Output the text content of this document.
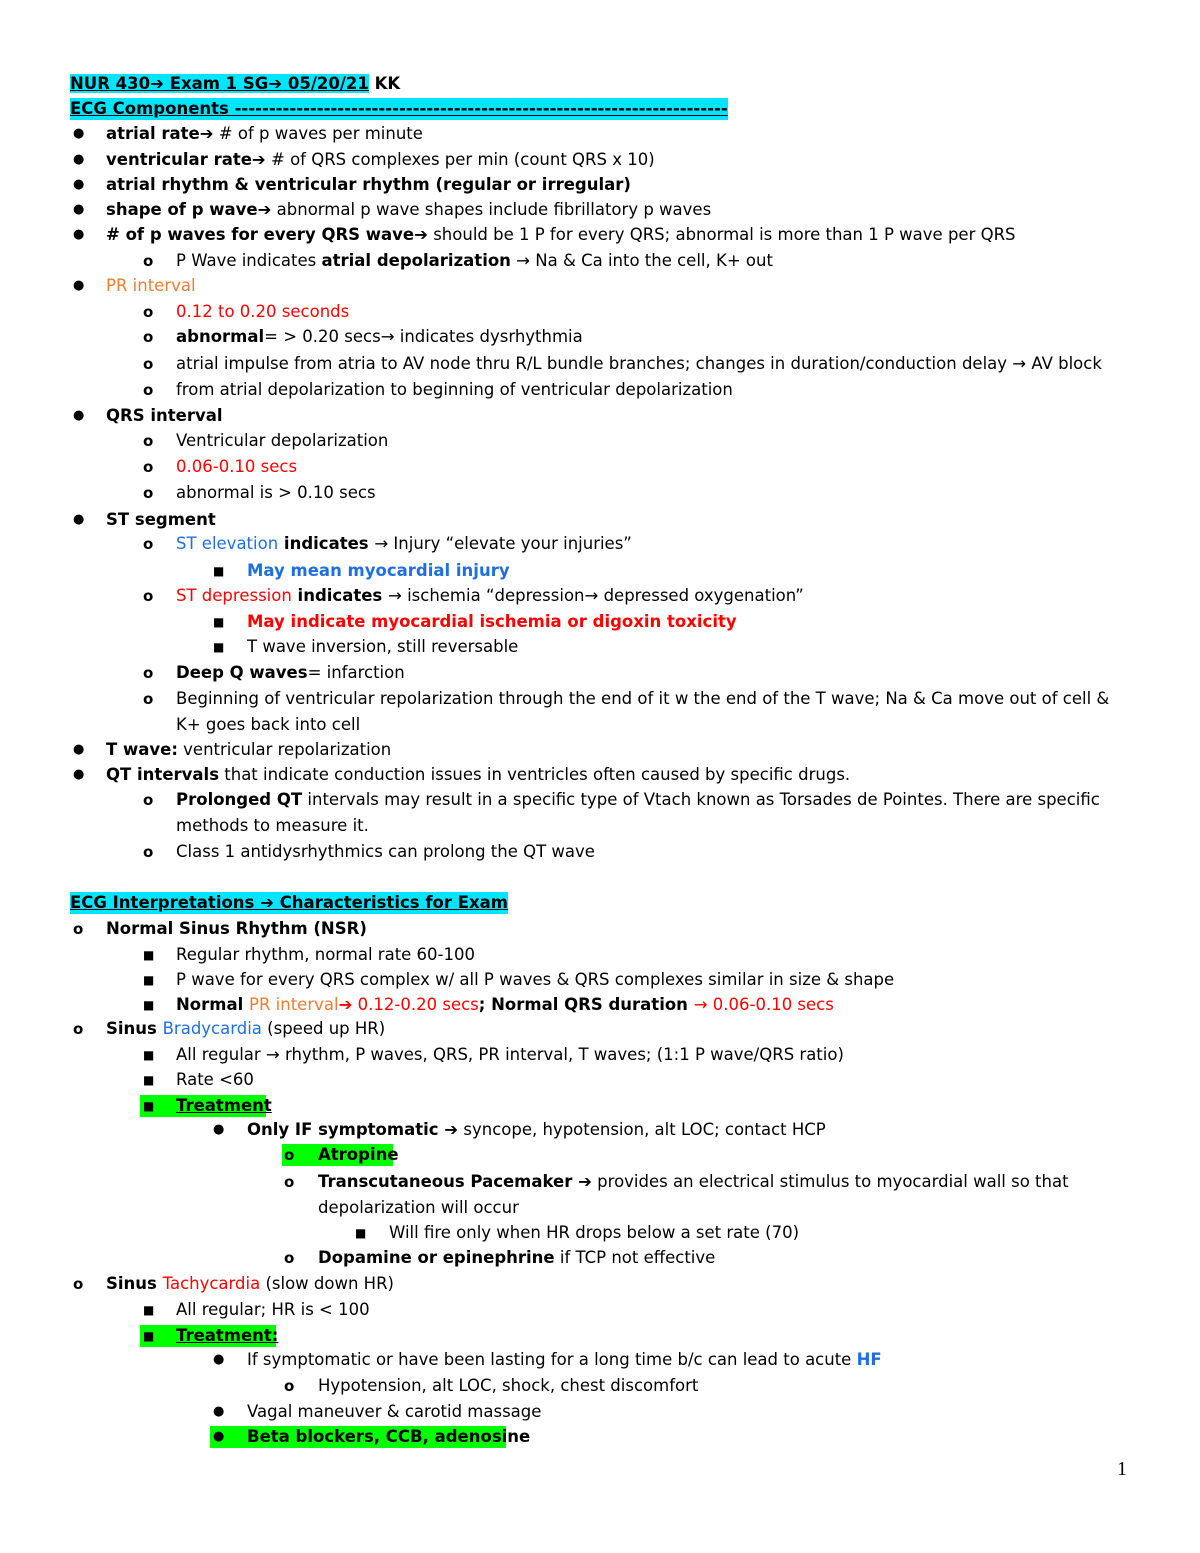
NUR 430➔ Exam 1 SG➔ 05/20/21 KK
ECG Components ------------------------------------------------------------------------
● atrial rate➔ # of p waves per minute
● ventricular rate➔ # of QRS complexes per min (count QRS x 10)
● atrial rhythm & ventricular rhythm (regular or irregular)
● shape of p wave➔ abnormal p wave shapes include fibrillatory p waves
● # of p waves for every QRS wave➔ should be 1 P for every QRS; abnormal is more than 1 P wave per QRS
o P Wave indicates atrial depolarization → Na & Ca into the cell, K+ out
● PR interval
o 0.12 to 0.20 seconds
o abnormal= > 0.20 secs→ indicates dysrhythmia
o atrial impulse from atria to AV node thru R/L bundle branches; changes in duration/conduction delay → AV block
o from atrial depolarization to beginning of ventricular depolarization
● QRS interval
o Ventricular depolarization
o 0.06-0.10 secs
o abnormal is > 0.10 secs
● ST segment
o ST elevation indicates → Injury “elevate your injuries”
■ May mean myocardial injury
o ST depression indicates → ischemia “depression→ depressed oxygenation”
■ May indicate myocardial ischemia or digoxin toxicity
■ T wave inversion, still reversable
o Deep Q waves= infarction
o Beginning of ventricular repolarization through the end of it w the end of the T wave; Na & Ca move out of cell &
K+ goes back into cell
● T wave: ventricular repolarization
● QT intervals that indicate conduction issues in ventricles often caused by specific drugs.
o Prolonged QT intervals may result in a specific type of Vtach known as Torsades de Pointes. There are specific
methods to measure it.
o Class 1 antidysrhythmics can prolong the QT wave
ECG Interpretations ➔ Characteristics for Exam
o Normal Sinus Rhythm (NSR)
■ Regular rhythm, normal rate 60-100
■ P wave for every QRS complex w/ all P waves & QRS complexes similar in size & shape
■ Normal PR interval➔ 0.12-0.20 secs; Normal QRS duration → 0.06-0.10 secs
o Sinus Bradycardia (speed up HR)
■ All regular → rhythm, P waves, QRS, PR interval, T waves; (1:1 P wave/QRS ratio)
■ Rate <60
■ Treatment
● Only IF symptomatic ➔ syncope, hypotension, alt LOC; contact HCP
o Atropine
o Transcutaneous Pacemaker ➔ provides an electrical stimulus to myocardial wall so that
depolarization will occur
■ Will fire only when HR drops below a set rate (70)
o Dopamine or epinephrine if TCP not effective
o Sinus Tachycardia (slow down HR)
■ All regular; HR is < 100
■ Treatment:
● If symptomatic or have been lasting for a long time b/c can lead to acute HF
o Hypotension, alt LOC, shock, chest discomfort
● Vagal maneuver & carotid massage
● Beta blockers, CCB, adenosine
1
